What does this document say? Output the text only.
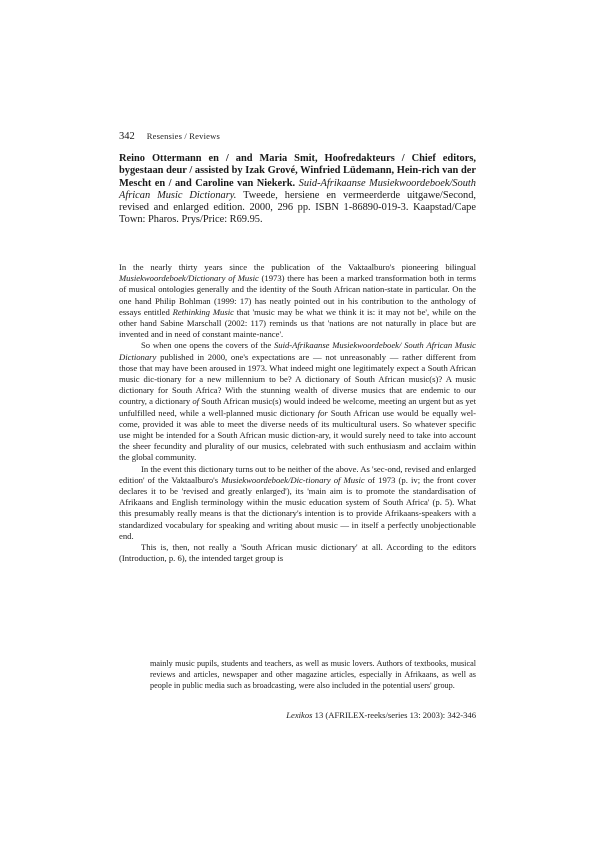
342 Resensies / Reviews
Reino Ottermann en / and Maria Smit, Hoofredakteurs / Chief editors, bygestaan deur / assisted by Izak Grové, Winfried Lüdemann, Hein-rich van der Mescht en / and Caroline van Niekerk. Suid-Afrikaanse Musiekwoordeboek/South African Music Dictionary. Tweede, hersiene en vermeerderde uitgawe/Second, revised and enlarged edition. 2000, 296 pp. ISBN 1-86890-019-3. Kaapstad/Cape Town: Pharos. Prys/Price: R69.95.

In the nearly thirty years since the publication of the Vaktaalburo's pioneering bilingual Musiekwoordeboek/Dictionary of Music (1973) there has been a marked transformation both in terms of musical ontologies generally and the identity of the South African nation-state in particular. On the one hand Philip Bohlman (1999: 17) has neatly pointed out in his contribution to the anthology of essays entitled Rethinking Music that 'music may be what we think it is: it may not be', while on the other hand Sabine Marschall (2002: 117) reminds us that 'nations are not naturally in place but are invented and in need of constant mainte-nance'.

So when one opens the covers of the Suid-Afrikaanse Musiekwoordeboek/ South African Music Dictionary published in 2000, one's expectations are — not unreasonably — rather different from those that may have been aroused in 1973. What indeed might one legitimately expect a South African music dic-tionary for a new millennium to be? A dictionary of South African music(s)? A music dictionary for South Africa? With the stunning wealth of diverse musics that are endemic to our country, a dictionary of South African music(s) would indeed be welcome, meeting an urgent but as yet unfulfilled need, while a well-planned music dictionary for South African use would be equally wel-come, provided it was able to meet the diverse needs of its multicultural users. So whatever specific use might be intended for a South African music diction-ary, it would surely need to take into account the sheer fecundity and plurality of our musics, celebrated with such enthusiasm and acclaim within the global community.

In the event this dictionary turns out to be neither of the above. As 'sec-ond, revised and enlarged edition' of the Vaktaalburo's Musiekwoordeboek/Dic-tionary of Music of 1973 (p. iv; the front cover declares it to be 'revised and greatly enlarged'), its 'main aim is to promote the standardisation of Afrikaans and English terminology within the music education system of South Africa' (p. 5). What this presumably really means is that the dictionary's intention is to provide Afrikaans-speakers with a standardized vocabulary for speaking and writing about music — in itself a perfectly unobjectionable end.

This is, then, not really a 'South African music dictionary' at all. According to the editors (Introduction, p. 6), the intended target group is

mainly music pupils, students and teachers, as well as music lovers. Authors of textbooks, musical reviews and articles, newspaper and other magazine articles, especially in Afrikaans, as well as people in public media such as broadcasting, were also included in the potential users' group.
Lexikos 13 (AFRILEX-reeks/series 13: 2003): 342-346
